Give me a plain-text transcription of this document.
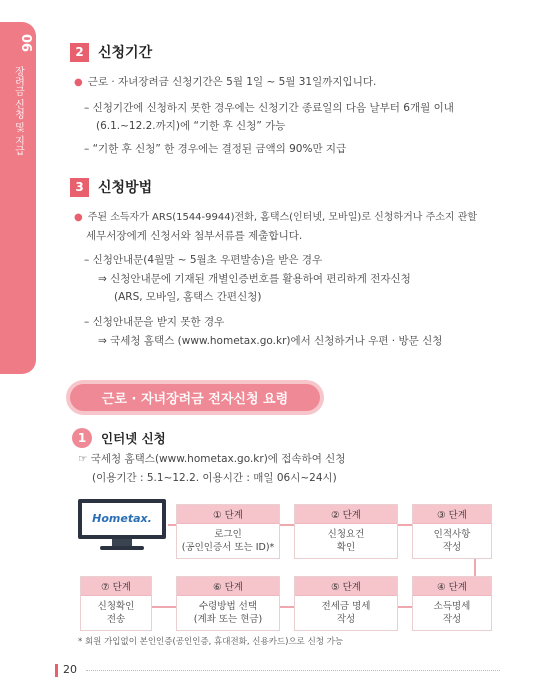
06
장려금 신청 및 지급
2	신청기간
● 근로 · 자녀장려금 신청기간은 5월 1일 ~ 5월 31일까지입니다.
– 신청기간에 신청하지 못한 경우에는 신청기간 종료일의 다음 날부터 6개월 이내
(6.1.~12.2.까지)에 “기한 후 신청” 가능
– “기한 후 신청” 한 경우에는 결정된 금액의 90%만 지급
3	신청방법
● 주된 소득자가 ARS(1544-9944)전화, 홈택스(인터넷, 모바일)로 신청하거나 주소지 관할
세무서장에게 신청서와 첨부서류를 제출합니다.
– 신청안내문(4월말 ~ 5월초 우편발송)을 받은 경우
⇒ 신청안내문에 기재된 개별인증번호를 활용하여 편리하게 전자신청
(ARS, 모바일, 홈택스 간편신청)
– 신청안내문을 받지 못한 경우
⇒ 국세청 홈택스 (www.hometax.go.kr)에서 신청하거나 우편 · 방문 신청
근로 · 자녀장려금 전자신청 요령
1	인터넷 신청
☞ 국세청 홈택스(www.hometax.go.kr)에 접속하여 신청
(이용기간 : 5.1~12.2. 이용시간 : 매일 06시~24시)
Hometax.	① 단계
로그인
(공인인증서 또는 ID)*
② 단계
신청요건
확인
③ 단계
인적사항
작성
④ 단계
소득명세
작성
⑤ 단계
전세금 명세
작성
⑥ 단계
수령방법 선택
(계좌 또는 현금)
⑦ 단계
신청확인
전송
* 회원 가입없이 본인인증(공인인증, 휴대전화, 신용카드)으로 신청 가능
20
